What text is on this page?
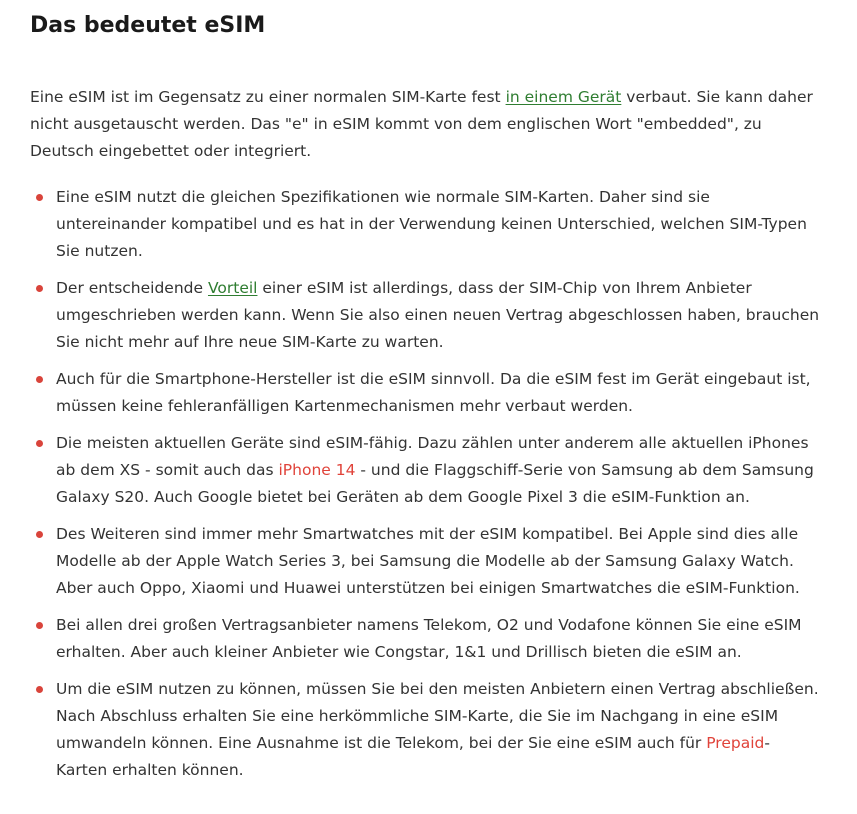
Das bedeutet eSIM

Eine eSIM ist im Gegensatz zu einer normalen SIM-Karte fest in einem Gerät verbaut. Sie kann daher nicht ausgetauscht werden. Das "e" in eSIM kommt von dem englischen Wort "embedded", zu Deutsch eingebettet oder integriert.

Eine eSIM nutzt die gleichen Spezifikationen wie normale SIM-Karten. Daher sind sie untereinander kompatibel und es hat in der Verwendung keinen Unterschied, welchen SIM-Typen Sie nutzen.
Der entscheidende Vorteil einer eSIM ist allerdings, dass der SIM-Chip von Ihrem Anbieter umgeschrieben werden kann. Wenn Sie also einen neuen Vertrag abgeschlossen haben, brauchen Sie nicht mehr auf Ihre neue SIM-Karte zu warten.
Auch für die Smartphone-Hersteller ist die eSIM sinnvoll. Da die eSIM fest im Gerät eingebaut ist, müssen keine fehleranfälligen Kartenmechanismen mehr verbaut werden.
Die meisten aktuellen Geräte sind eSIM-fähig. Dazu zählen unter anderem alle aktuellen iPhones ab dem XS - somit auch das iPhone 14 - und die Flaggschiff-Serie von Samsung ab dem Samsung Galaxy S20. Auch Google bietet bei Geräten ab dem Google Pixel 3 die eSIM-Funktion an.
Des Weiteren sind immer mehr Smartwatches mit der eSIM kompatibel. Bei Apple sind dies alle Modelle ab der Apple Watch Series 3, bei Samsung die Modelle ab der Samsung Galaxy Watch. Aber auch Oppo, Xiaomi und Huawei unterstützen bei einigen Smartwatches die eSIM-Funktion.
Bei allen drei großen Vertragsanbieter namens Telekom, O2 und Vodafone können Sie eine eSIM erhalten. Aber auch kleiner Anbieter wie Congstar, 1&1 und Drillisch bieten die eSIM an.
Um die eSIM nutzen zu können, müssen Sie bei den meisten Anbietern einen Vertrag abschließen. Nach Abschluss erhalten Sie eine herkömmliche SIM-Karte, die Sie im Nachgang in eine eSIM umwandeln können. Eine Ausnahme ist die Telekom, bei der Sie eine eSIM auch für Prepaid-Karten erhalten können.
